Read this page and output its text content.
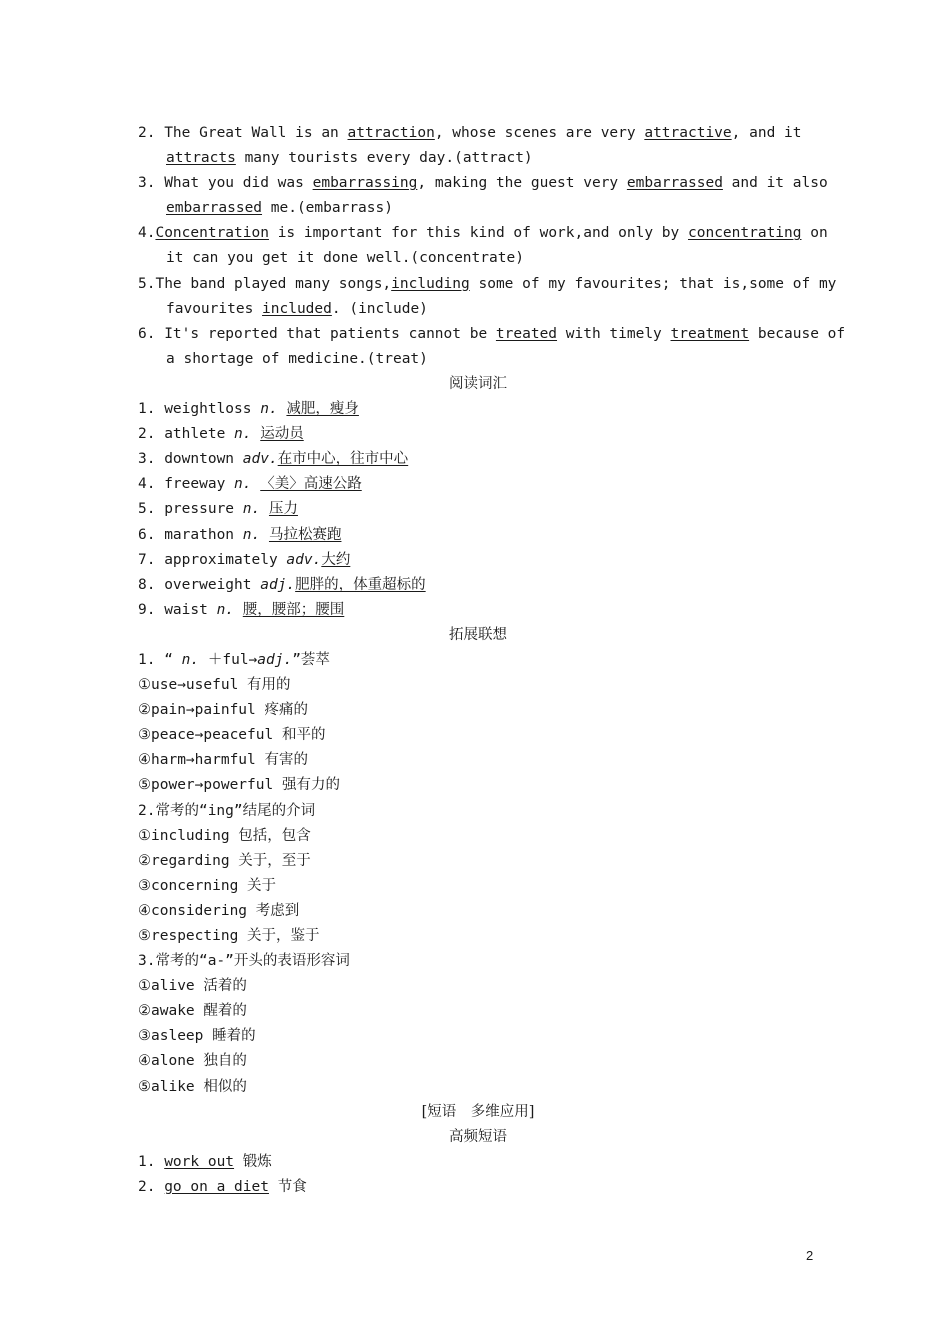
2. The Great Wall is an attraction, whose scenes are very attractive, and it
attracts many tourists every day.(attract)
3. What you did was embarrassing, making the guest very embarrassed and it also
embarrassed me.(embarrass)
4.Concentration is important for this kind of work,and only by concentrating on
it can you get it done well.(concentrate)
5.The band played many songs,including some of my favourites; that is,some of my
favourites included. (include)
6. It's reported that patients cannot be treated with timely treatment because of
a shortage of medicine.(treat)
阅读词汇
1. weightloss n. 减肥，瘦身
2. athlete n. 运动员
3. downtown adv.在市中心，往市中心
4. freeway n. 〈美〉高速公路
5. pressure n. 压力
6. marathon n. 马拉松赛跑
7. approximately adv.大约
8. overweight adj.肥胖的，体重超标的
9. waist n. 腰，腰部；腰围
拓展联想
1. “ n. ＋ful→adj.”荟萃
①use→useful 有用的
②pain→painful 疼痛的
③peace→peaceful 和平的
④harm→harmful 有害的
⑤power→powerful 强有力的
2.常考的“ing”结尾的介词
①including 包括，包含
②regarding 关于，至于
③concerning 关于
④considering 考虑到
⑤respecting 关于，鉴于
3.常考的“a-”开头的表语形容词
①alive 活着的
②awake 醒着的
③asleep 睡着的
④alone 独自的
⑤alike 相似的
[短语　多维应用]
高频短语
1. work out 锻炼
2. go on a diet 节食
2
